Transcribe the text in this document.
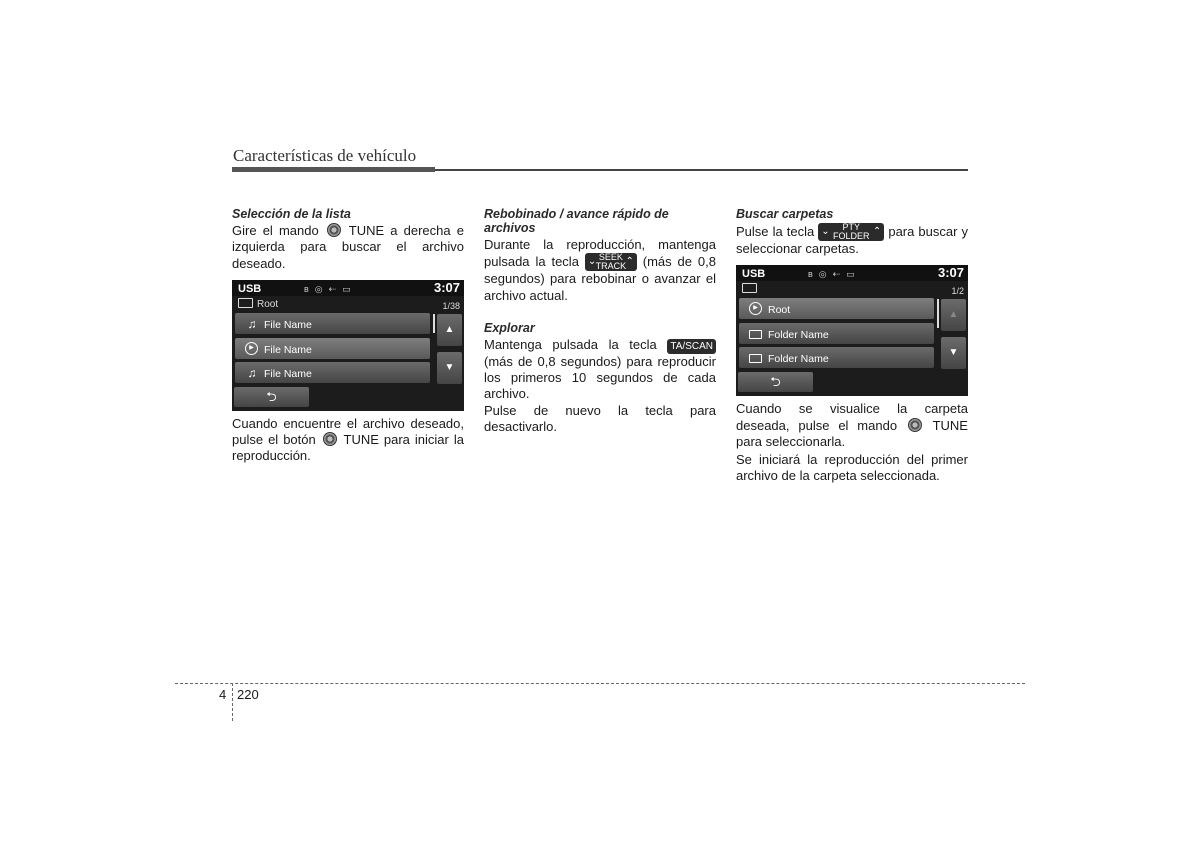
Características de vehículo
Selección de la lista

Gire el mando TUNE a derecha e izquierda para buscar el archivo deseado.

USB	ʙ◎⇠▭	3:07
Root	1/38
♫ File Name
▶ File Name
♫ File Name
▲
▼
⮌

Cuando encuentre el archivo deseado, pulse el botón TUNE para iniciar la reproducción.

Rebobinado / avance rápido de archivos

Durante la reproducción, mantenga pulsada la tecla ⌄ SEEK
TRACK ⌃ (más de 0,8 segundos) para rebobinar o avanzar el archivo actual.

Explorar

Mantenga pulsada la tecla TA/SCAN (más de 0,8 segundos) para reproducir los primeros 10 segundos de cada archivo.

Pulse de nuevo la tecla para desactivarlo.

Buscar carpetas

Pulse la tecla ⌄	PTY
FOLDER ⌃ para buscar y seleccionar carpetas.

USB	ʙ◎⇠▭	3:07
1/2
▶ Root
Folder Name
Folder Name
▲
▼
⮌

Cuando se visualice la carpeta deseada, pulse el mando	TUNE para seleccionarla.

Se iniciará la reproducción del primer archivo de la carpeta seleccionada.

4 220
